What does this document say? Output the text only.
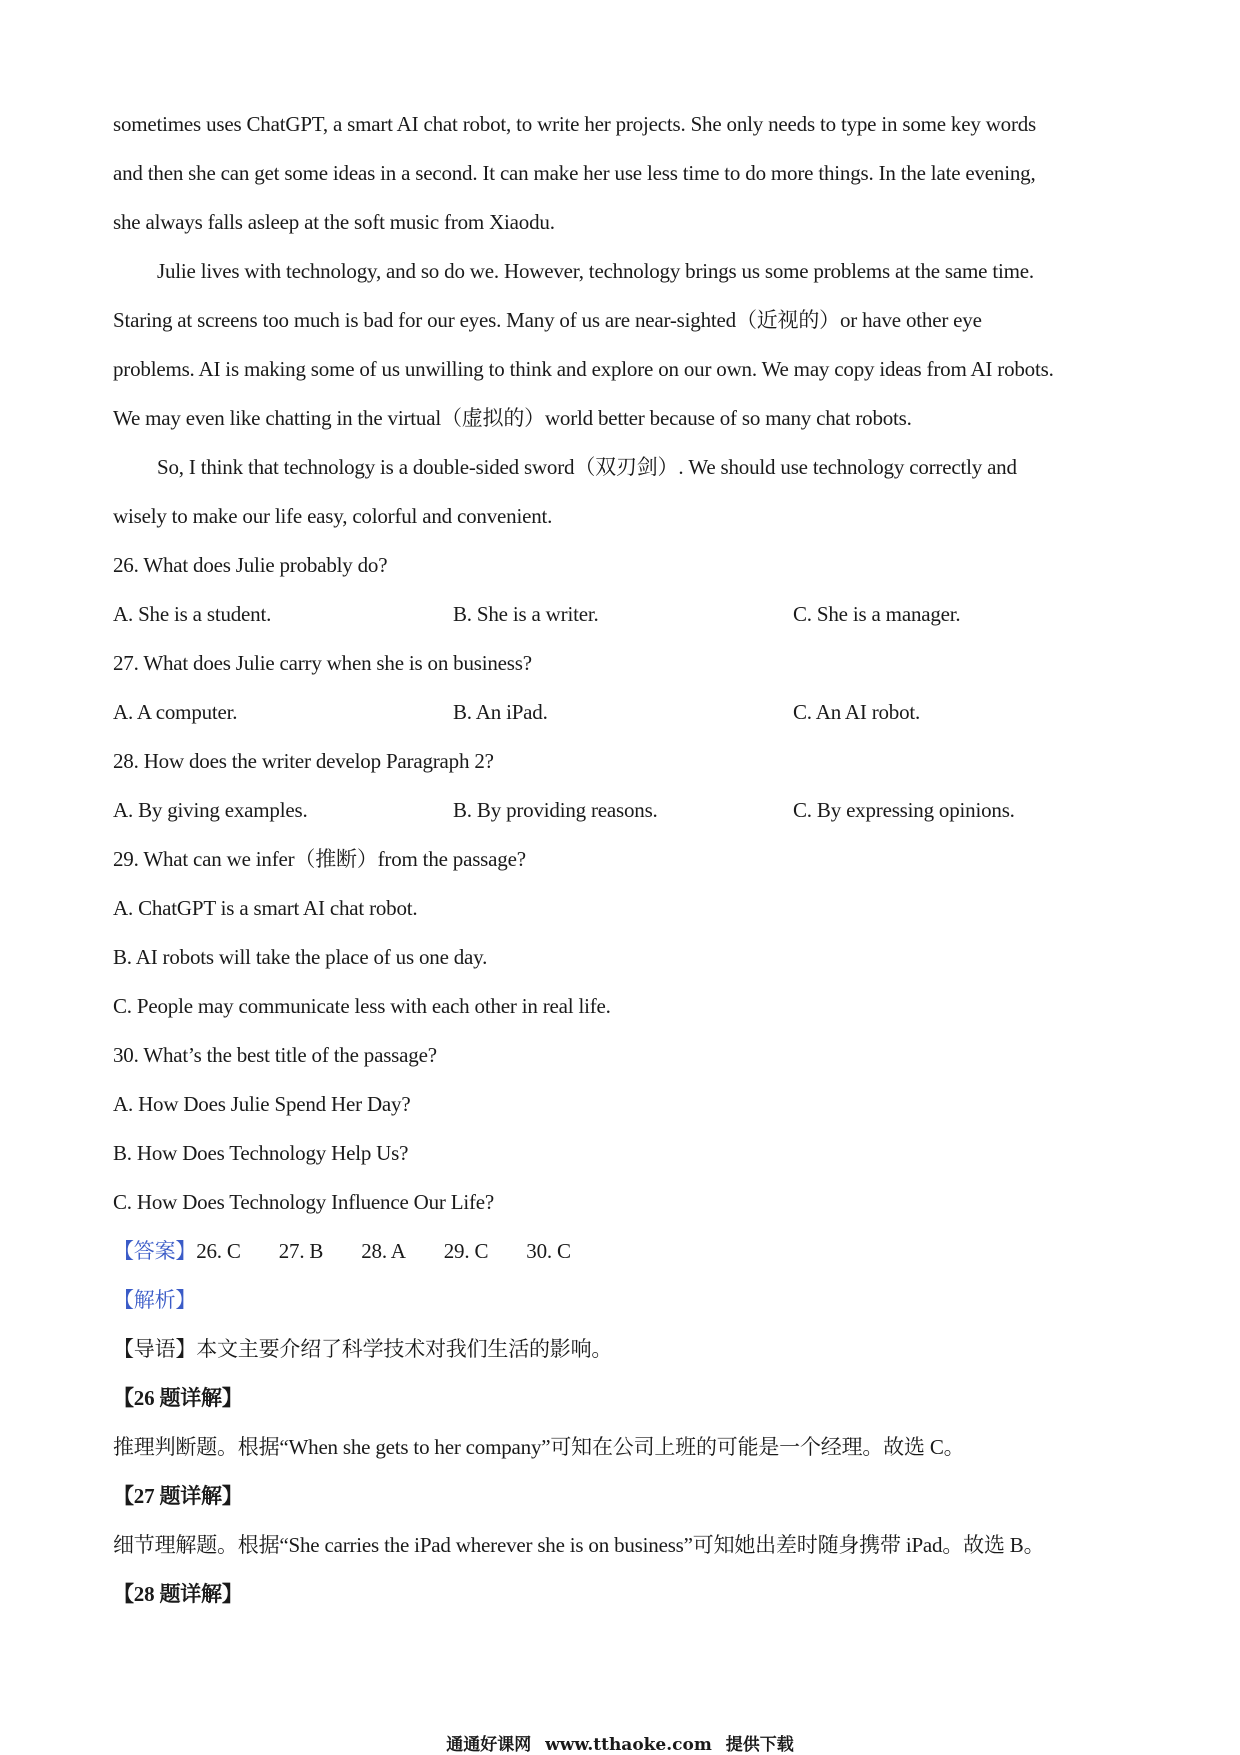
sometimes uses ChatGPT, a smart AI chat robot, to write her projects. She only needs to type in some key words
and then she can get some ideas in a second. It can make her use less time to do more things. In the late evening,
she always falls asleep at the soft music from Xiaodu.
Julie lives with technology, and so do we. However, technology brings us some problems at the same time.
Staring at screens too much is bad for our eyes. Many of us are near-sighted（近视的）or have other eye
problems. AI is making some of us unwilling to think and explore on our own. We may copy ideas from AI robots.
We may even like chatting in the virtual（虚拟的）world better because of so many chat robots.
So, I think that technology is a double-sided sword（双刃剑）. We should use technology correctly and
wisely to make our life easy, colorful and convenient.
26. What does Julie probably do?
A. She is a student.	B. She is a writer.	C. She is a manager.
27. What does Julie carry when she is on business?
A. A computer.	B. An iPad.	C. An AI robot.
28. How does the writer develop Paragraph 2?
A. By giving examples.	B. By providing reasons.	C. By expressing opinions.
29. What can we infer（推断）from the passage?
A. ChatGPT is a smart AI chat robot.
B. AI robots will take the place of us one day.
C. People may communicate less with each other in real life.
30. What’s the best title of the passage?
A. How Does Julie Spend Her Day?
B. How Does Technology Help Us?
C. How Does Technology Influence Our Life?
【答案】26. C 27. B 28. A 29. C 30. C
【解析】
【导语】本文主要介绍了科学技术对我们生活的影响。
【26 题详解】
推理判断题。根据“When she gets to her company”可知在公司上班的可能是一个经理。故选 C。
【27 题详解】
细节理解题。根据“She carries the iPad wherever she is on business”可知她出差时随身携带 iPad。故选 B。
【28 题详解】
通通好课网 www.tthaoke.com 提供下载
